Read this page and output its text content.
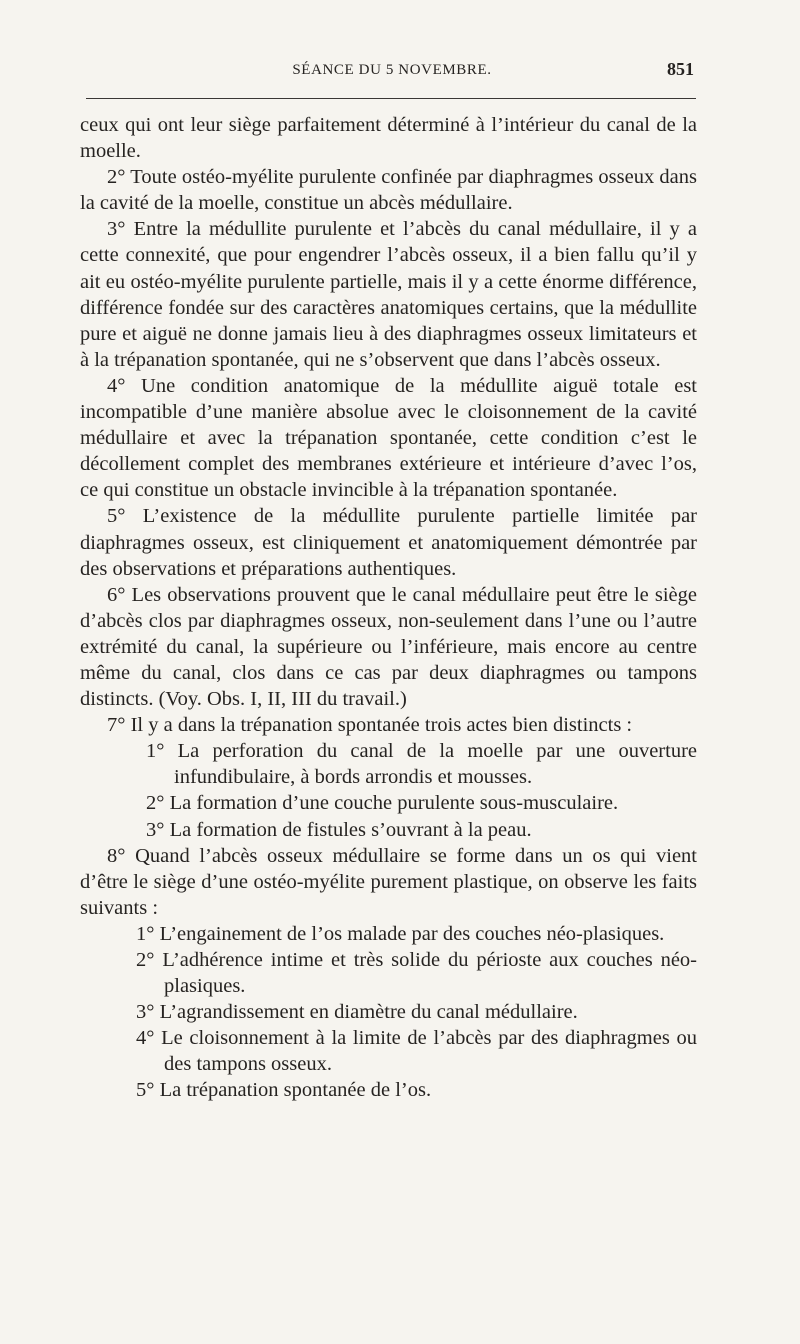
SÉANCE DU 5 NOVEMBRE.	851

ceux qui ont leur siège parfaitement déterminé à l’intérieur du canal de la moelle.

2° Toute ostéo-myélite purulente confinée par diaphragmes osseux dans la cavité de la moelle, constitue un abcès médullaire.

3° Entre la médullite purulente et l’abcès du canal médullaire, il y a cette connexité, que pour engendrer l’abcès osseux, il a bien fallu qu’il y ait eu ostéo-myélite purulente partielle, mais il y a cette énorme différence, différence fondée sur des caractères anatomiques certains, que la médullite pure et aiguë ne donne jamais lieu à des diaphragmes osseux limitateurs et à la trépanation spontanée, qui ne s’observent que dans l’abcès osseux.

4° Une condition anatomique de la médullite aiguë totale est incompatible d’une manière absolue avec le cloisonnement de la cavité médullaire et avec la trépanation spontanée, cette condition c’est le décollement complet des membranes extérieure et intérieure d’avec l’os, ce qui constitue un obstacle invincible à la trépanation spontanée.

5° L’existence de la médullite purulente partielle limitée par diaphragmes osseux, est cliniquement et anatomiquement démontrée par des observations et préparations authentiques.

6° Les observations prouvent que le canal médullaire peut être le siège d’abcès clos par diaphragmes osseux, non-seulement dans l’une ou l’autre extrémité du canal, la supérieure ou l’inférieure, mais encore au centre même du canal, clos dans ce cas par deux diaphragmes ou tampons distincts. (Voy. Obs. I, II, III du travail.)

7° Il y a dans la trépanation spontanée trois actes bien distincts :

1° La perforation du canal de la moelle par une ouverture infundibulaire, à bords arrondis et mousses.

2° La formation d’une couche purulente sous-musculaire.

3° La formation de fistules s’ouvrant à la peau.

8° Quand l’abcès osseux médullaire se forme dans un os qui vient d’être le siège d’une ostéo-myélite purement plastique, on observe les faits suivants :

1° L’engainement de l’os malade par des couches néo-plasiques.

2° L’adhérence intime et très solide du périoste aux couches néo-plasiques.

3° L’agrandissement en diamètre du canal médullaire.

4° Le cloisonnement à la limite de l’abcès par des diaphragmes ou des tampons osseux.

5° La trépanation spontanée de l’os.
